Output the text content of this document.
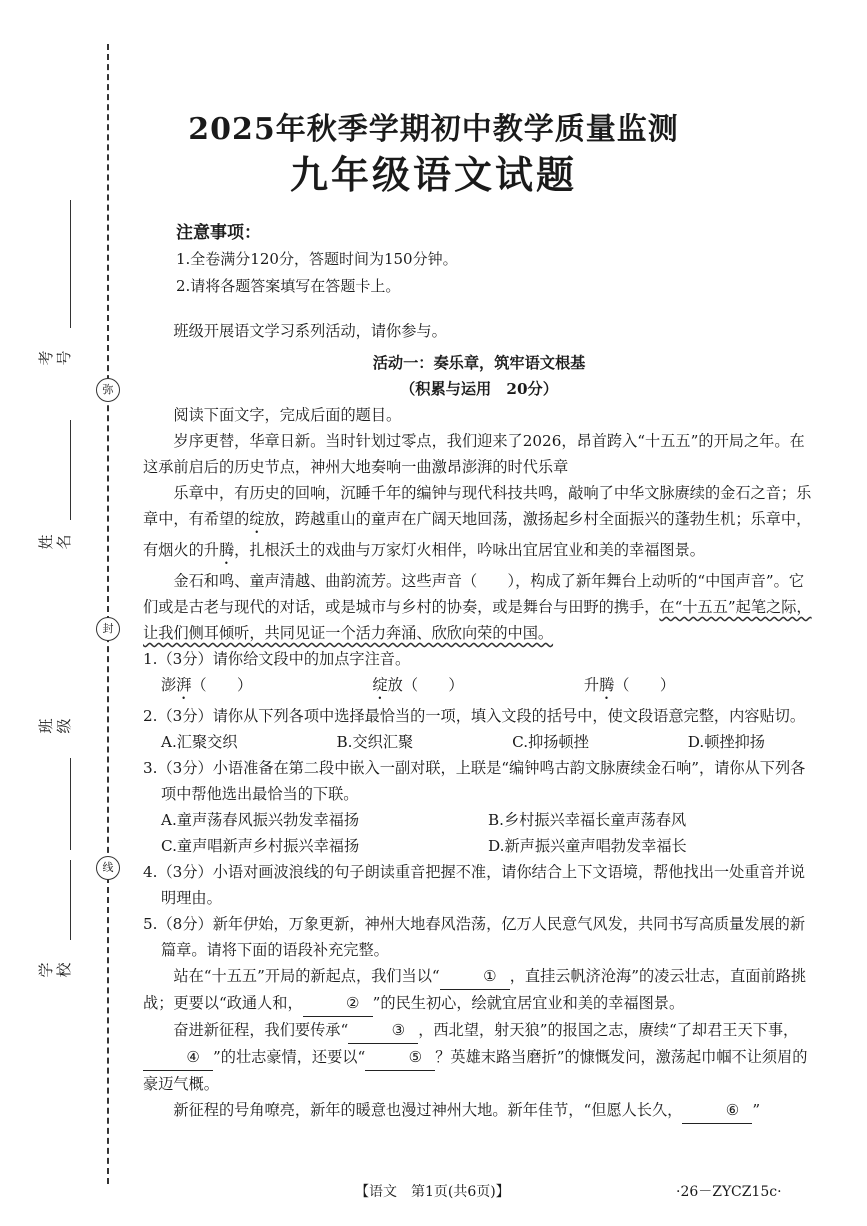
考号
姓名
班级
学校
弥
封
线
2025年秋季学期初中教学质量监测
九年级语文试题
注意事项：
1.全卷满分120分，答题时间为150分钟。
2.请将各题答案填写在答题卡上。

班级开展语文学习系列活动，请你参与。

活动一：奏乐章，筑牢语文根基

（积累与运用　20分）

阅读下面文字，完成后面的题目。

岁序更替，华章日新。当时针划过零点，我们迎来了2026，昂首跨入“十五五”的开局之年。在这承前启后的历史节点，神州大地奏响一曲激昂澎湃的时代乐章

乐章中，有历史的回响，沉睡千年的编钟与现代科技共鸣，敲响了中华文脉赓续的金石之音；乐章中，有希望的绽放，跨越重山的童声在广阔天地回荡，激扬起乡村全面振兴的蓬勃生机；乐章中，有烟火的升腾，扎根沃土的戏曲与万家灯火相伴，吟咏出宜居宜业和美的幸福图景。

金石和鸣、童声清越、曲韵流芳。这些声音（　　），构成了新年舞台上动听的“中国声音”。它们或是古老与现代的对话，或是城市与乡村的协奏，或是舞台与田野的携手，在“十五五”起笔之际，让我们侧耳倾听，共同见证一个活力奔涌、欣欣向荣的中国。

1.（3分）请你给文段中的加点字注音。

澎湃（　　）	绽放（　　）	升腾（　　）

2.（3分）请你从下列各项中选择最恰当的一项，填入文段的括号中，使文段语意完整，内容贴切。

A.汇聚交织	B.交织汇聚	C.抑扬顿挫	D.顿挫抑扬

3.（3分）小语准备在第二段中嵌入一副对联，上联是“编钟鸣古韵文脉赓续金石响”，请你从下列各项中帮他选出最恰当的下联。

A.童声荡春风振兴勃发幸福扬	B.乡村振兴幸福长童声荡春风
C.童声唱新声乡村振兴幸福扬	D.新声振兴童声唱勃发幸福长

4.（3分）小语对画波浪线的句子朗读重音把握不准，请你结合上下文语境，帮他找出一处重音并说明理由。

5.（8分）新年伊始，万象更新，神州大地春风浩荡，亿万人民意气风发，共同书写高质量发展的新篇章。请将下面的语段补充完整。

站在“十五五”开局的新起点，我们当以“	① ，直挂云帆济沧海”的凌云壮志，直面前路挑战；更要以“政通人和，	② ”的民生初心，绘就宜居宜业和美的幸福图景。

奋进新征程，我们要传承“	③ ，西北望，射天狼”的报国之志，赓续“了却君王天下事，④ ”的壮志豪情，还要以“	⑤ ？英雄末路当磨折”的慷慨发问，激荡起巾帼不让须眉的豪迈气概。

新征程的号角嘹亮，新年的暖意也漫过神州大地。新年佳节，“但愿人长久，	⑥ ”

【语文　第1页(共6页)】	·26－ZYCZ15c·
